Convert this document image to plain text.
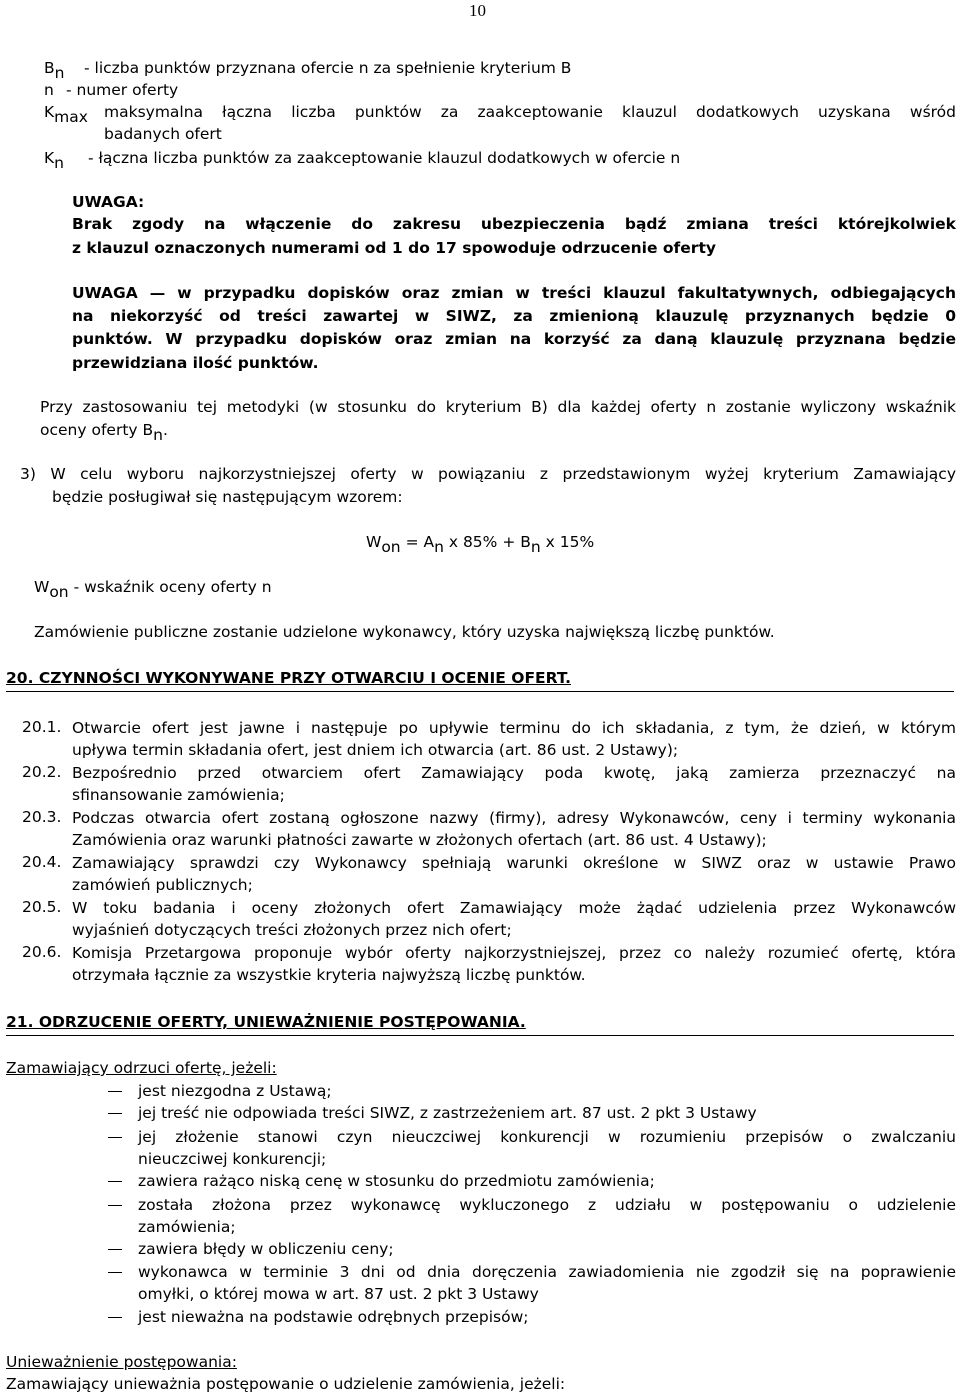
10
$B_n$ - liczba punktów przyznana ofercie n za spełnienie kryterium B
n - numer oferty
$K_{max}$ maksymalna łączna liczba punktów za zaakceptowanie klauzul dodatkowych uzyskana wśród
badanych ofert
$K_n$ - łączna liczba punktów za zaakceptowanie klauzul dodatkowych w ofercie n
UWAGA:
Brak zgody na włączenie do zakresu ubezpieczenia bądź zmiana treści którejkolwiek
z klauzul oznaczonych numerami od 1 do 17 spowoduje odrzucenie oferty
UWAGA — w przypadku dopisków oraz zmian w treści klauzul fakultatywnych, odbiegających
na niekorzyść od treści zawartej w SIWZ, za zmienioną klauzulę przyznanych będzie 0
punktów. W przypadku dopisków oraz zmian na korzyść za daną klauzulę przyznana będzie
przewidziana ilość punktów.
Przy zastosowaniu tej metodyki (w stosunku do kryterium B) dla każdej oferty n zostanie wyliczony wskaźnik
oceny oferty $B_n$.
3) W celu wyboru najkorzystniejszej oferty w powiązaniu z przedstawionym wyżej kryterium Zamawiający
będzie posługiwał się następującym wzorem:
$W_{on} = A_n$ x $85\% + B_n$ x 15%
$W_{on}$ - wskaźnik oceny oferty n
Zamówienie publiczne zostanie udzielone wykonawcy, który uzyska największą liczbę punktów.
20. CZYNNOŚCI WYKONYWANE PRZY OTWARCIU I OCENIE OFERT.
20.1. Otwarcie ofert jest jawne i następuje po upływie terminu do ich składania, z tym, że dzień, w którym
upływa termin składania ofert, jest dniem ich otwarcia (art. 86 ust. 2 Ustawy);
20.2. Bezpośrednio przed otwarciem ofert Zamawiający poda kwotę, jaką zamierza przeznaczyć na
sfinansowanie zamówienia;
20.3. Podczas otwarcia ofert zostaną ogłoszone nazwy (firmy), adresy Wykonawców, ceny i terminy wykonania
Zamówienia oraz warunki płatności zawarte w złożonych ofertach (art. 86 ust. 4 Ustawy);
20.4. Zamawiający sprawdzi czy Wykonawcy spełniają warunki określone w SIWZ oraz w ustawie Prawo
zamówień publicznych;
20.5. W toku badania i oceny złożonych ofert Zamawiający może żądać udzielenia przez Wykonawców
wyjaśnień dotyczących treści złożonych przez nich ofert;
20.6. Komisja Przetargowa proponuje wybór oferty najkorzystniejszej, przez co należy rozumieć ofertę, która
otrzymała łącznie za wszystkie kryteria najwyższą liczbę punktów.
21. ODRZUCENIE OFERTY, UNIEWAŻNIENIE POSTĘPOWANIA.
Zamawiający odrzuci ofertę, jeżeli:
jest niezgodna z Ustawą;
jej treść nie odpowiada treści SIWZ, z zastrzeżeniem art. 87 ust. 2 pkt 3 Ustawy
jej złożenie stanowi czyn nieuczciwej konkurencji w rozumieniu przepisów o zwalczaniu
nieuczciwej konkurencji;
zawiera rażąco niską cenę w stosunku do przedmiotu zamówienia;
została złożona przez wykonawcę wykluczonego z udziału w postępowaniu o udzielenie
zamówienia;
zawiera błędy w obliczeniu ceny;
wykonawca w terminie 3 dni od dnia doręczenia zawiadomienia nie zgodził się na poprawienie
omyłki, o której mowa w art. 87 ust. 2 pkt 3 Ustawy
jest nieważna na podstawie odrębnych przepisów;
Unieważnienie postępowania:
Zamawiający unieważnia postępowanie o udzielenie zamówienia, jeżeli:
